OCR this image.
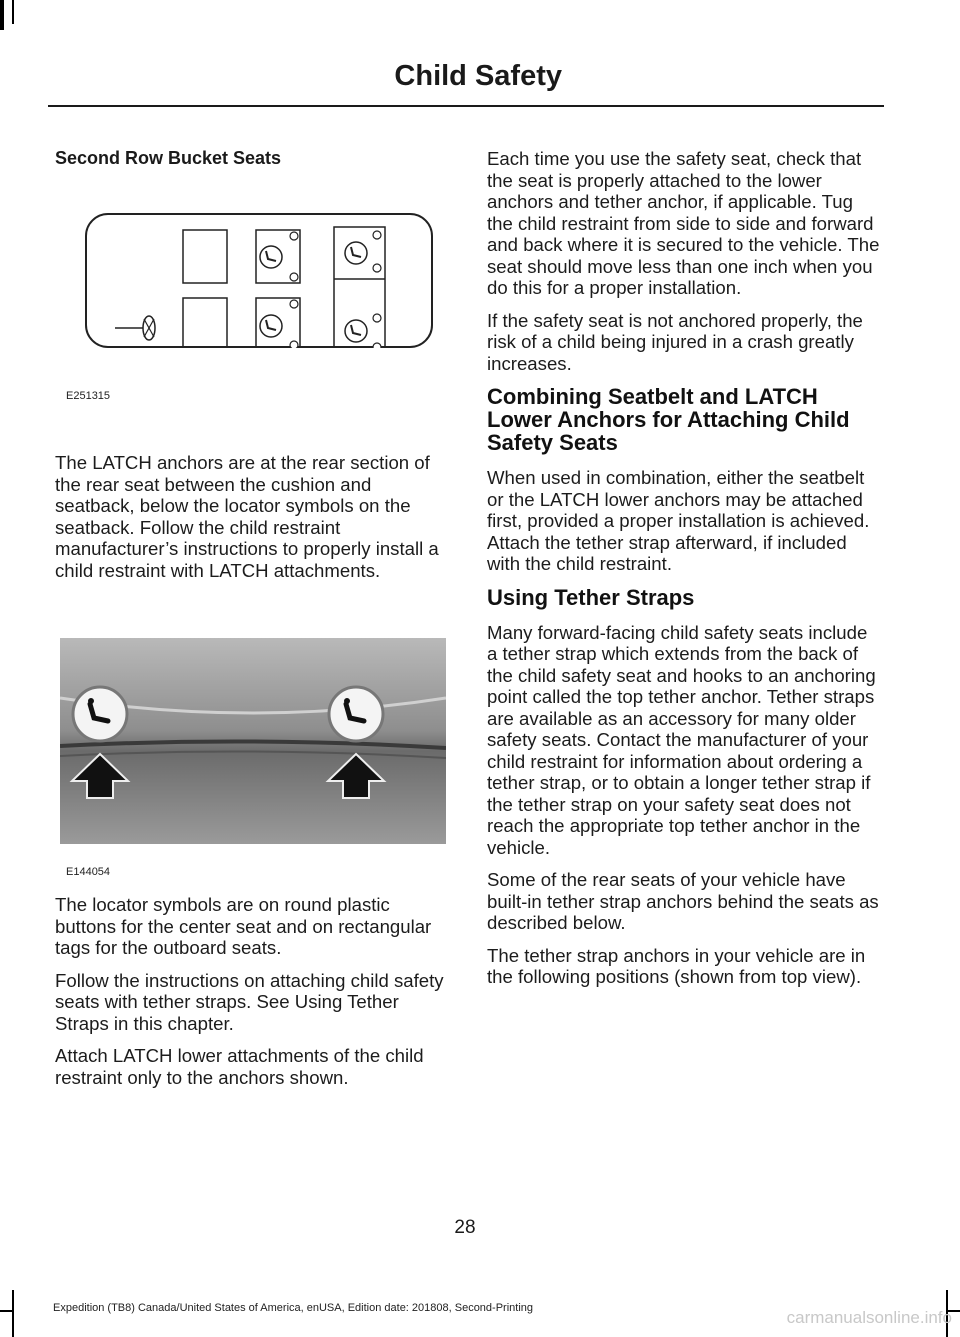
Child Safety
Second Row Bucket Seats
E251315

The LATCH anchors are at the rear section of the rear seat between the cushion and seatback, below the locator symbols on the seatback. Follow the child restraint manufacturer’s instructions to properly install a child restraint with LATCH attachments.

E144054

The locator symbols are on round plastic buttons for the center seat and on rectangular tags for the outboard seats.

Follow the instructions on attaching child safety seats with tether straps. See Using Tether Straps in this chapter.

Attach LATCH lower attachments of the child restraint only to the anchors shown.

Each time you use the safety seat, check that the seat is properly attached to the lower anchors and tether anchor, if applicable. Tug the child restraint from side to side and forward and back where it is secured to the vehicle. The seat should move less than one inch when you do this for a proper installation.

If the safety seat is not anchored properly, the risk of a child being injured in a crash greatly increases.

Combining Seatbelt and LATCH Lower Anchors for Attaching Child Safety Seats

When used in combination, either the seatbelt or the LATCH lower anchors may be attached first, provided a proper installation is achieved. Attach the tether strap afterward, if included with the child restraint.

Using Tether Straps

Many forward-facing child safety seats include a tether strap which extends from the back of the child safety seat and hooks to an anchoring point called the top tether anchor. Tether straps are available as an accessory for many older safety seats. Contact the manufacturer of your child restraint for information about ordering a tether strap, or to obtain a longer tether strap if the tether strap on your safety seat does not reach the appropriate top tether anchor in the vehicle.

Some of the rear seats of your vehicle have built-in tether strap anchors behind the seats as described below.

The tether strap anchors in your vehicle are in the following positions (shown from top view).

28
Expedition (TB8) Canada/United States of America, enUSA, Edition date: 201808, Second-Printing	carmanualsonline.info
